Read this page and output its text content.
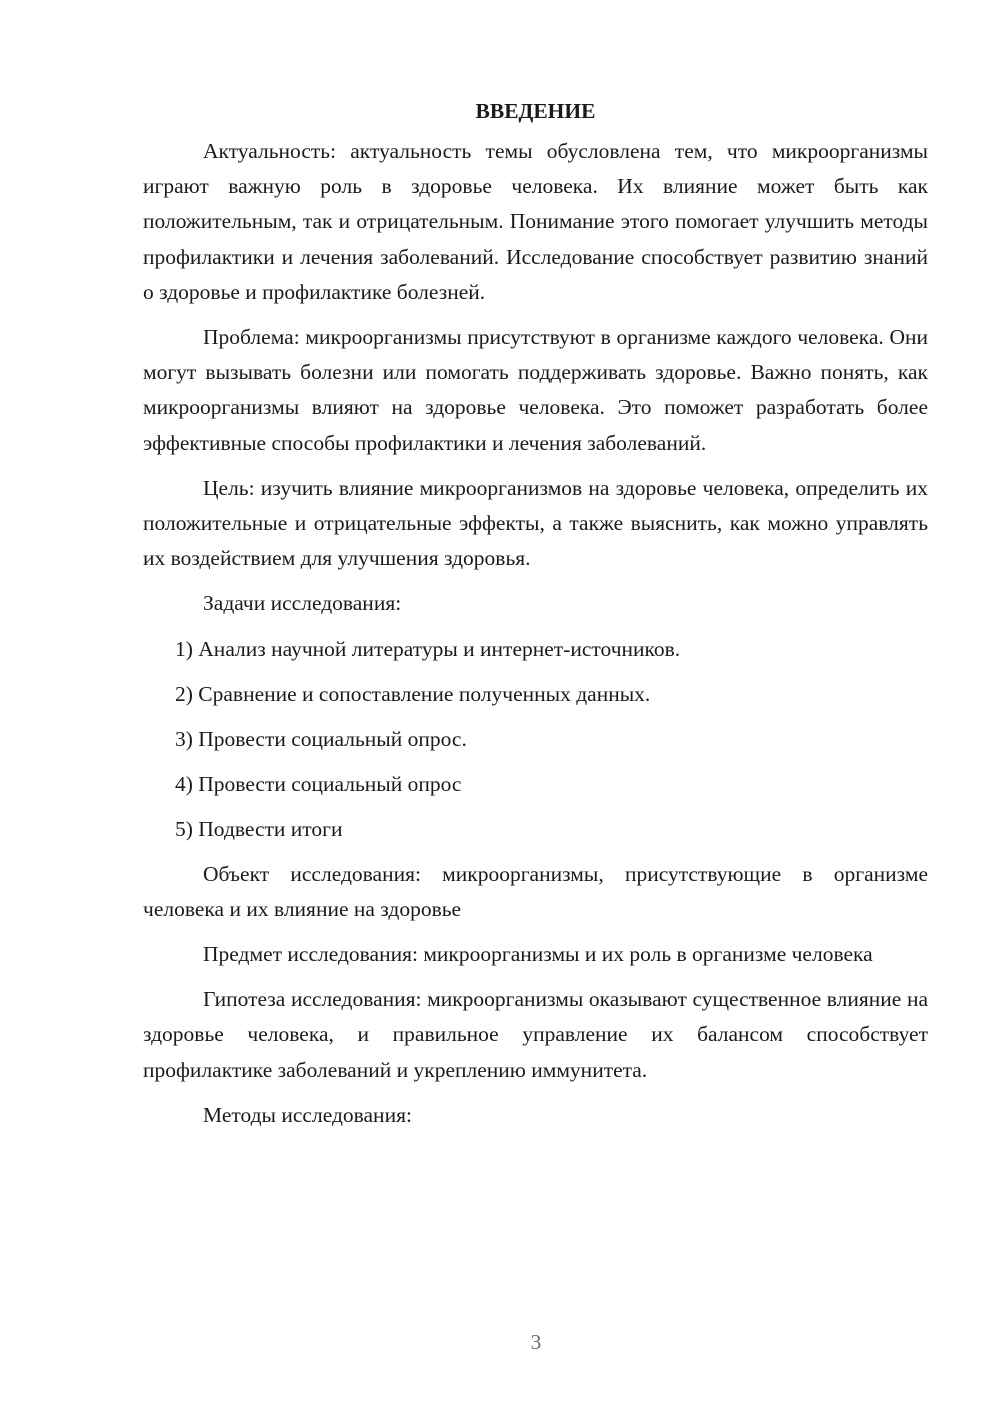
ВВЕДЕНИЕ

Актуальность: актуальность темы обусловлена тем, что микроорганизмы играют важную роль в здоровье человека. Их влияние может быть как положительным, так и отрицательным. Понимание этого помогает улучшить методы профилактики и лечения заболеваний. Исследование способствует развитию знаний о здоровье и профилактике болезней.

Проблема: микроорганизмы присутствуют в организме каждого человека. Они могут вызывать болезни или помогать поддерживать здоровье. Важно понять, как микроорганизмы влияют на здоровье человека. Это поможет разработать более эффективные способы профилактики и лечения заболеваний.

Цель: изучить влияние микроорганизмов на здоровье человека, определить их положительные и отрицательные эффекты, а также выяснить, как можно управлять их воздействием для улучшения здоровья.

Задачи исследования:

1) Анализ научной литературы и интернет-источников.
2) Сравнение и сопоставление полученных данных.
3) Провести социальный опрос.
4) Провести социальный опрос
5) Подвести итоги

Объект исследования: микроорганизмы, присутствующие в организме человека и их влияние на здоровье

Предмет исследования: микроорганизмы и их роль в организме человека

Гипотеза исследования: микроорганизмы оказывают существенное влияние на здоровье человека, и правильное управление их балансом способствует профилактике заболеваний и укреплению иммунитета.

Методы исследования:

3
